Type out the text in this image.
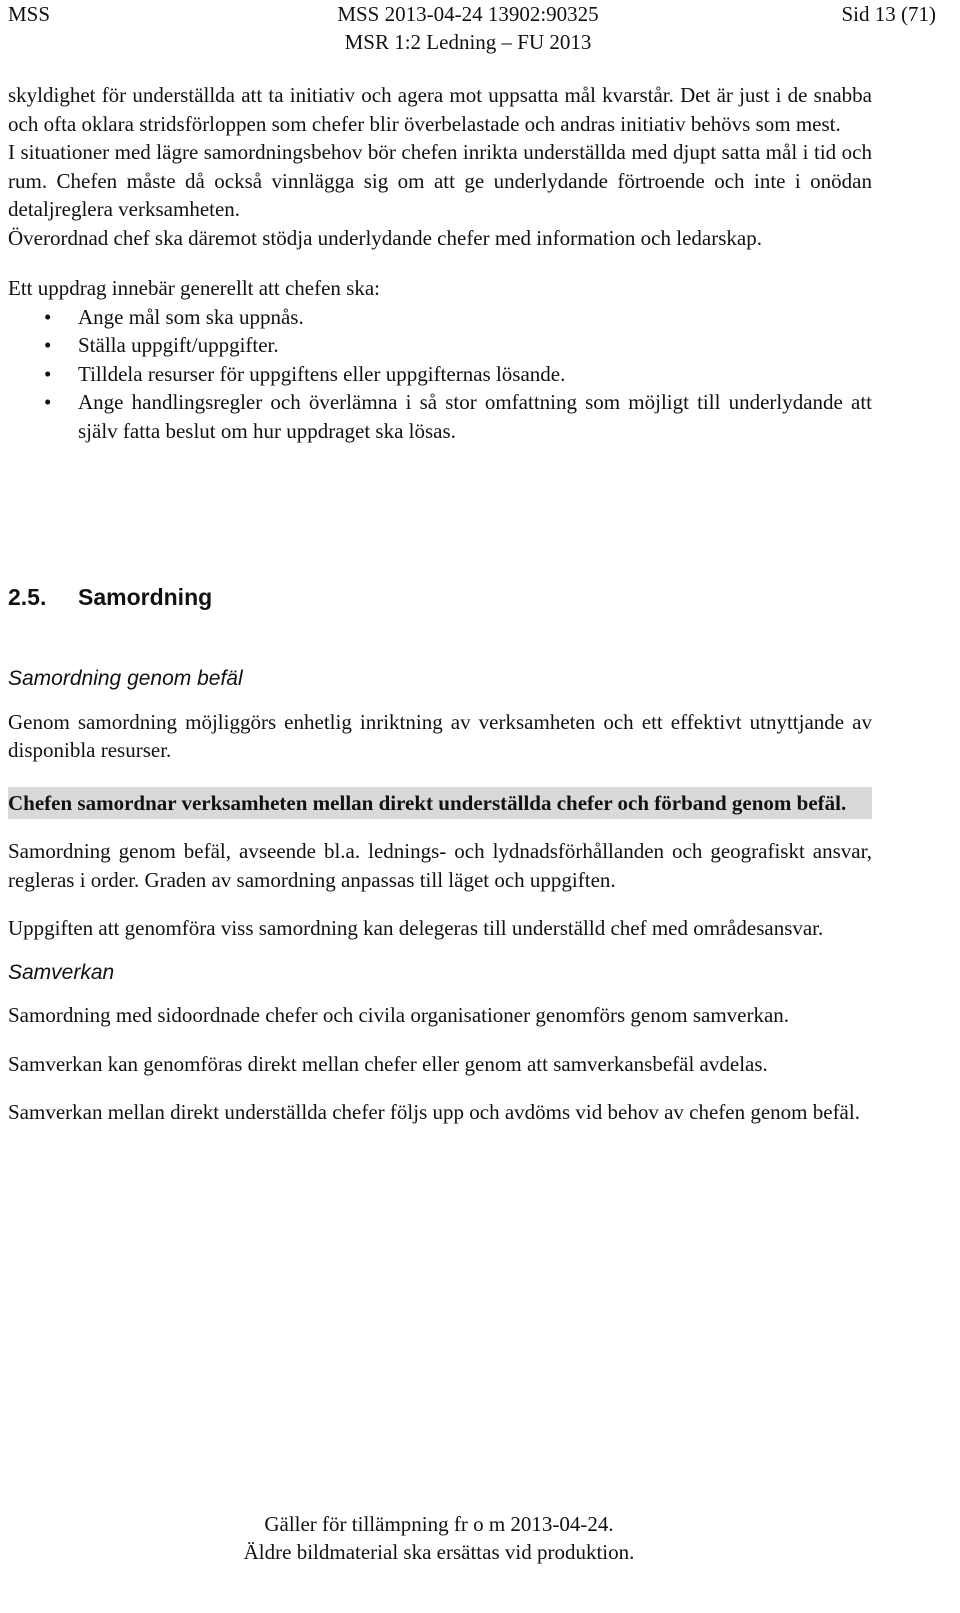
MSS	MSS 2013-04-24 13902:90325
MSR 1:2 Ledning – FU 2013
Sid 13 (71)

skyldighet för underställda att ta initiativ och agera mot uppsatta mål kvarstår. Det är just i de snabba och ofta oklara stridsförloppen som chefer blir överbelastade och andras initiativ behövs som mest.

I situationer med lägre samordningsbehov bör chefen inrikta underställda med djupt satta mål i tid och rum. Chefen måste då också vinnlägga sig om att ge underlydande förtroende och inte i onödan detaljreglera verksamheten.

Överordnad chef ska däremot stödja underlydande chefer med information och ledarskap.

Ett uppdrag innebär generellt att chefen ska:

• Ange mål som ska uppnås.
• Ställa uppgift/uppgifter.
• Tilldela resurser för uppgiftens eller uppgifternas lösande.
• Ange handlingsregler och överlämna i så stor omfattning som möjligt till underlydande att själv fatta beslut om hur uppdraget ska lösas.
2.5. Samordning

Samordning genom befäl

Genom samordning möjliggörs enhetlig inriktning av verksamheten och ett effektivt utnyttjande av disponibla resurser.

Chefen samordnar verksamheten mellan direkt underställda chefer och förband genom befäl.

Samordning genom befäl, avseende bl.a. lednings- och lydnadsförhållanden och geografiskt ansvar, regleras i order. Graden av samordning anpassas till läget och uppgiften.

Uppgiften att genomföra viss samordning kan delegeras till underställd chef med områdesansvar.

Samverkan

Samordning med sidoordnade chefer och civila organisationer genomförs genom samverkan.

Samverkan kan genomföras direkt mellan chefer eller genom att samverkansbefäl avdelas.

Samverkan mellan direkt underställda chefer följs upp och avdöms vid behov av chefen genom befäl.

Gäller för tillämpning fr o m 2013-04-24.
Äldre bildmaterial ska ersättas vid produktion.
